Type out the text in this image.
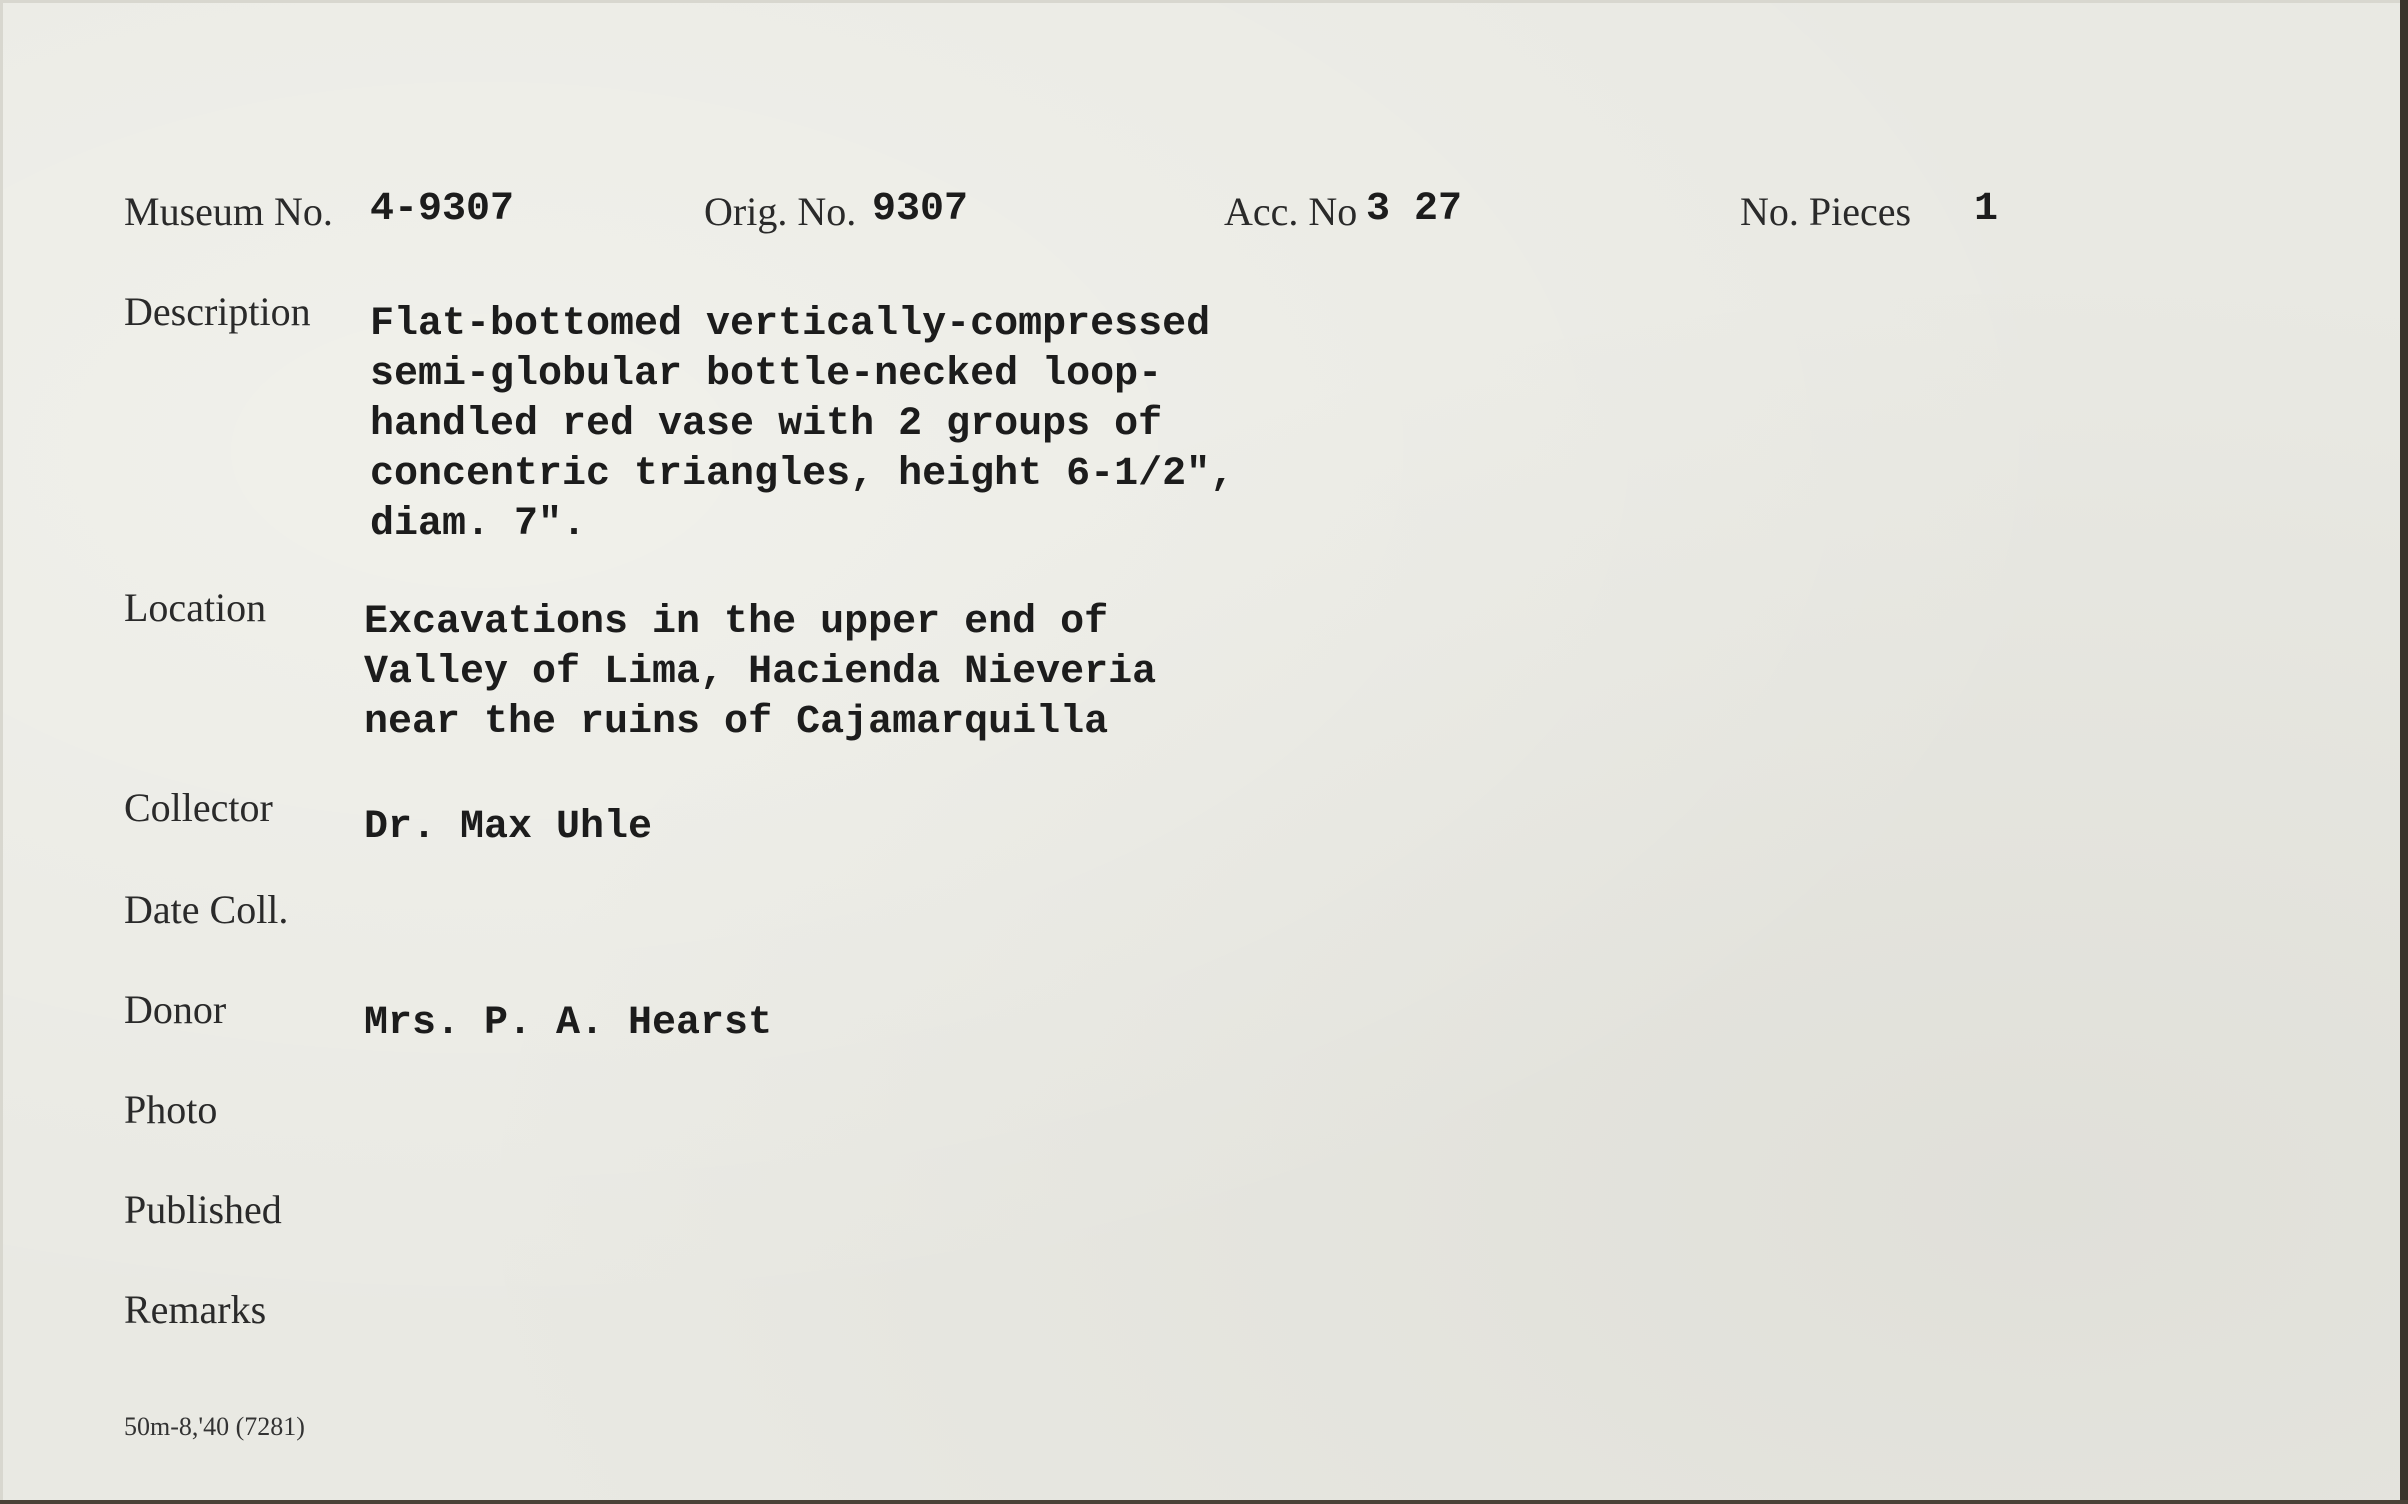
Museum No. 4-9307	Orig. No. 9307	Acc. No 3 27	No. Pieces 1
Description Flat-bottomed vertically-compressed
semi-globular bottle-necked loop-
handled red vase with 2 groups of
concentric triangles, height 6-1/2",
diam. 7".
Location Excavations in the upper end of
Valley of Lima, Hacienda Nieveria
near the ruins of Cajamarquilla
Collector Dr. Max Uhle
Date Coll.
Donor	Mrs. P. A. Hearst
Photo
Published
Remarks
50m-8,'40 (7281)
